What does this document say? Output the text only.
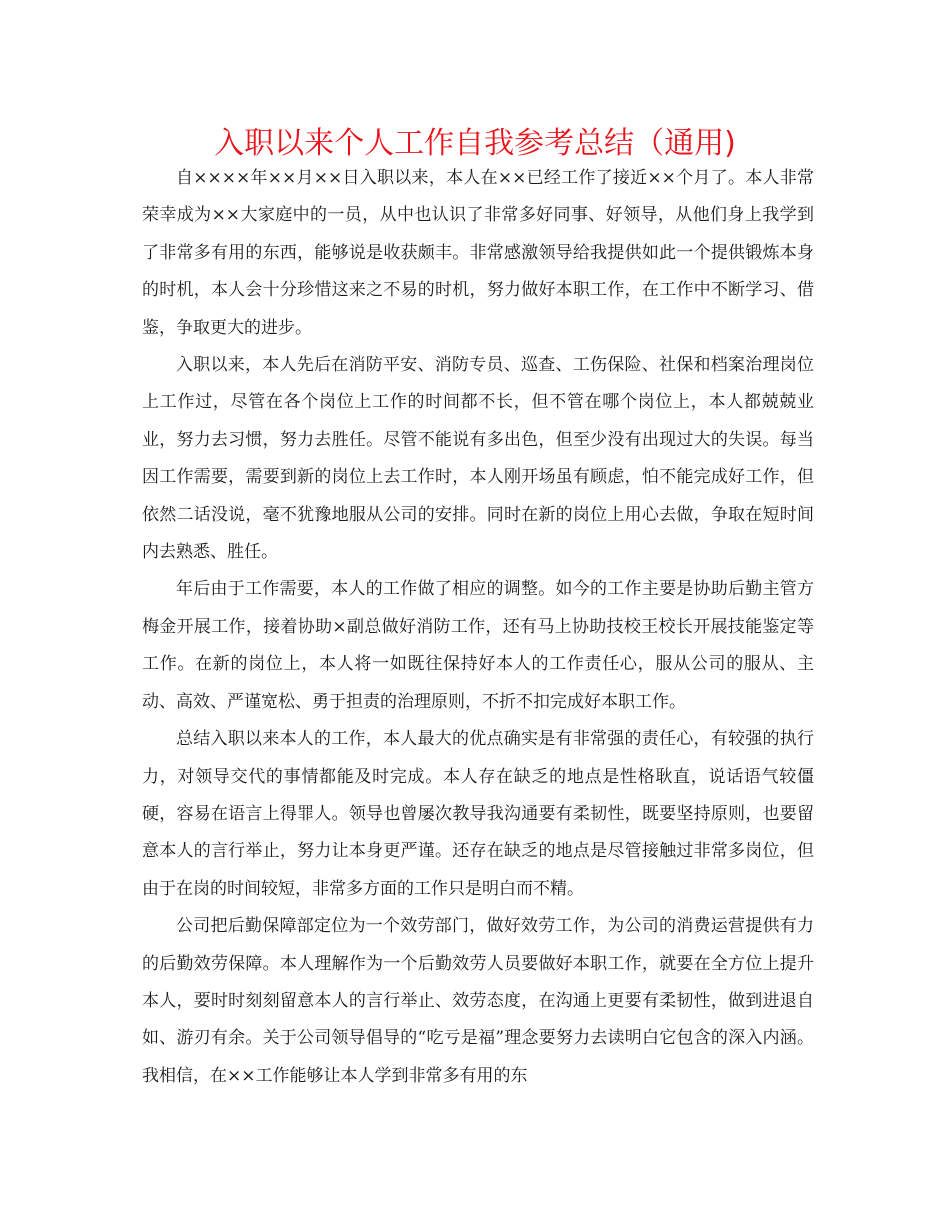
入职以来个人工作自我参考总结（通用)

自××××年××月××日入职以来，本人在××已经工作了接近××个月了。本人非常荣幸成为××大家庭中的一员，从中也认识了非常多好同事、好领导，从他们身上我学到了非常多有用的东西，能够说是收获颇丰。非常感激领导给我提供如此一个提供锻炼本身的时机，本人会十分珍惜这来之不易的时机，努力做好本职工作，在工作中不断学习、借鉴，争取更大的进步。

入职以来，本人先后在消防平安、消防专员、巡查、工伤保险、社保和档案治理岗位上工作过，尽管在各个岗位上工作的时间都不长，但不管在哪个岗位上，本人都兢兢业业，努力去习惯，努力去胜任。尽管不能说有多出色，但至少没有出现过大的失误。每当因工作需要，需要到新的岗位上去工作时，本人刚开场虽有顾虑，怕不能完成好工作，但依然二话没说，毫不犹豫地服从公司的安排。同时在新的岗位上用心去做，争取在短时间内去熟悉、胜任。

年后由于工作需要，本人的工作做了相应的调整。如今的工作主要是协助后勤主管方梅金开展工作，接着协助×副总做好消防工作，还有马上协助技校王校长开展技能鉴定等工作。在新的岗位上，本人将一如既往保持好本人的工作责任心，服从公司的服从、主动、高效、严谨宽松、勇于担责的治理原则，不折不扣完成好本职工作。

总结入职以来本人的工作，本人最大的优点确实是有非常强的责任心，有较强的执行力，对领导交代的事情都能及时完成。本人存在缺乏的地点是性格耿直，说话语气较僵硬，容易在语言上得罪人。领导也曾屡次教导我沟通要有柔韧性，既要坚持原则，也要留意本人的言行举止，努力让本身更严谨。还存在缺乏的地点是尽管接触过非常多岗位，但由于在岗的时间较短，非常多方面的工作只是明白而不精。

公司把后勤保障部定位为一个效劳部门，做好效劳工作，为公司的消费运营提供有力的后勤效劳保障。本人理解作为一个后勤效劳人员要做好本职工作，就要在全方位上提升本人，要时时刻刻留意本人的言行举止、效劳态度，在沟通上更要有柔韧性，做到进退自如、游刃有余。关于公司领导倡导的“吃亏是福”理念要努力去读明白它包含的深入内涵。我相信，在××工作能够让本人学到非常多有用的东
